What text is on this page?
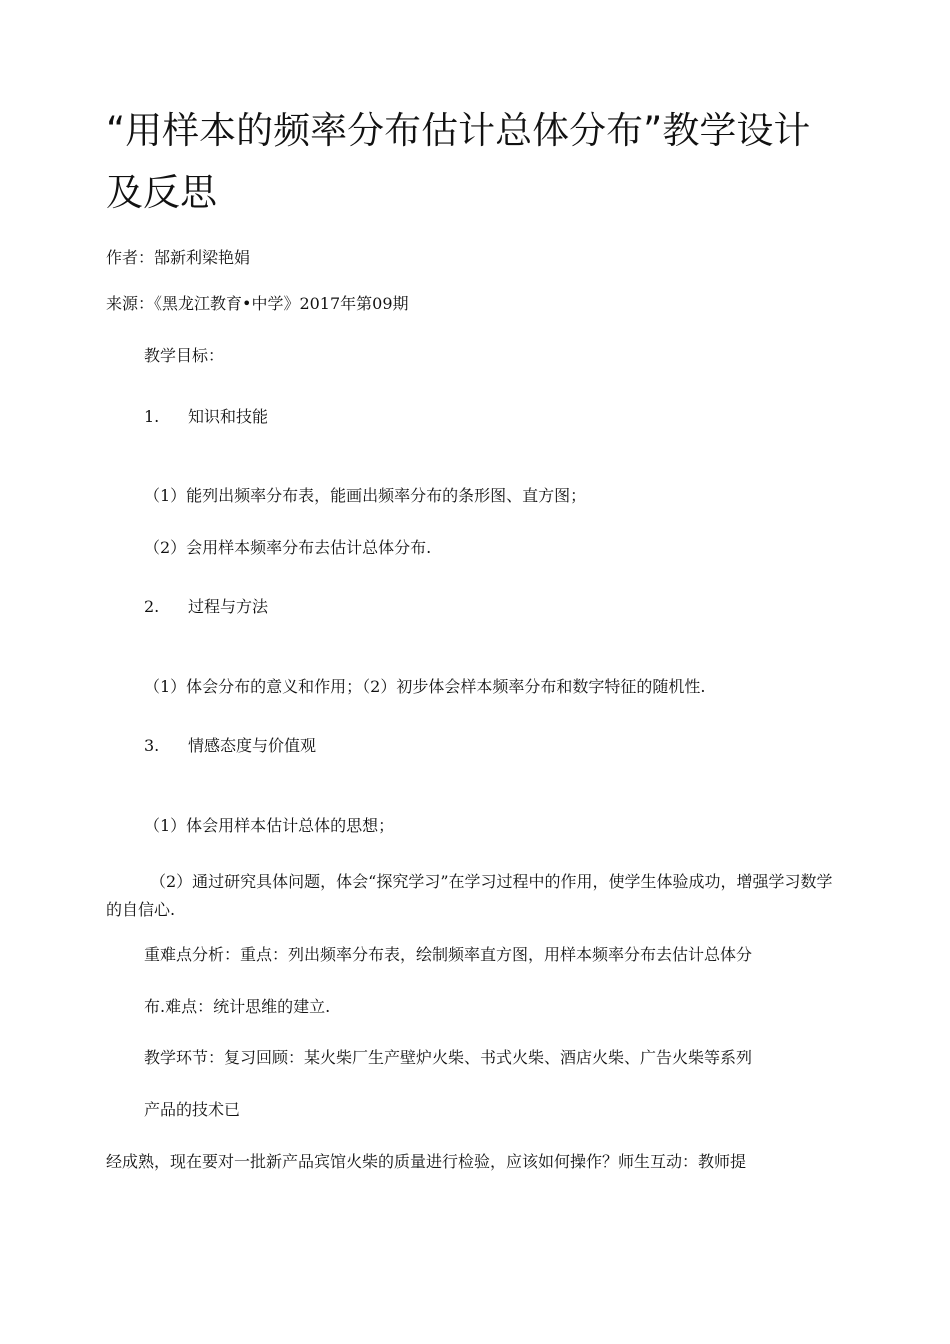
“用样本的频率分布估计总体分布”教学设计及反思
作者：郜新利梁艳娟
来源：《黑龙江教育•中学》2017年第09期
教学目标：
1. 知识和技能
（1）能列出频率分布表，能画出频率分布的条形图、直方图；
（2）会用样本频率分布去估计总体分布.
2. 过程与方法
（1）体会分布的意义和作用；（2）初步体会样本频率分布和数字特征的随机性.
3. 情感态度与价值观
（1）体会用样本估计总体的思想；
（2）通过研究具体问题，体会“探究学习”在学习过程中的作用，使学生体验成功，增强学习数学的自信心.
重难点分析：重点：列出频率分布表，绘制频率直方图，用样本频率分布去估计总体分
布.难点：统计思维的建立.
教学环节：复习回顾：某火柴厂生产壁炉火柴、书式火柴、酒店火柴、广告火柴等系列
产品的技术已
经成熟，现在要对一批新产品宾馆火柴的质量进行检验，应该如何操作？师生互动：教师提
